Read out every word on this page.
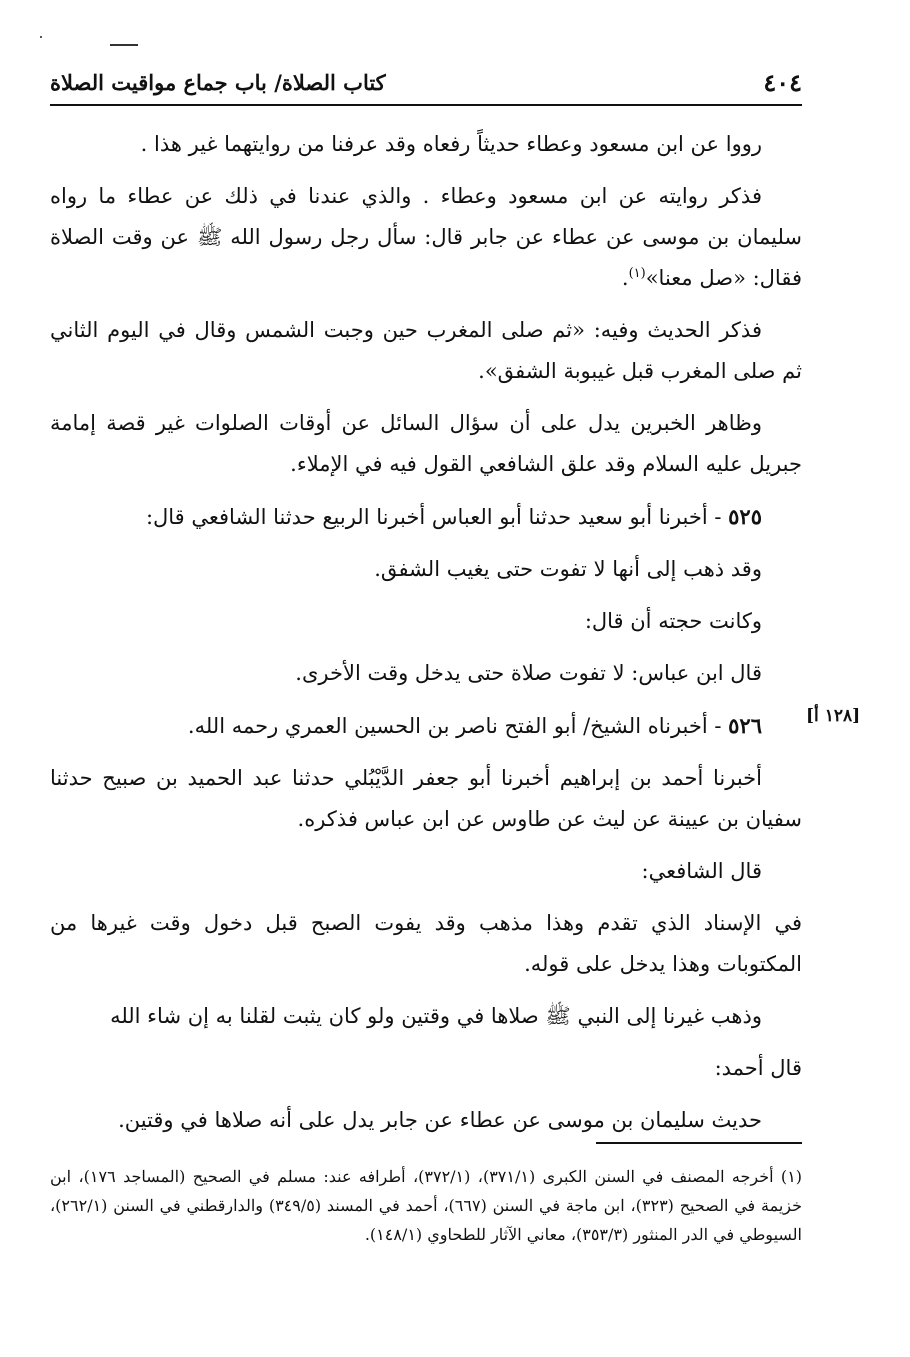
٤٠٤
كتاب الصلاة/ باب جماع مواقيت الصلاة
[١٢٨ أ]

رووا عن ابن مسعود وعطاء حديثاً رفعاه وقد عرفنا من روايتهما غير هذا .

فذكر روايته عن ابن مسعود وعطاء . والذي عندنا في ذلك عن عطاء ما رواه سليمان بن موسى عن عطاء عن جابر قال: سأل رجل رسول الله ﷺ عن وقت الصلاة فقال: «صل معنا»$^{(١)}$.

فذكر الحديث وفيه: «ثم صلى المغرب حين وجبت الشمس وقال في اليوم الثاني ثم صلى المغرب قبل غيبوبة الشفق».

وظاهر الخبرين يدل على أن سؤال السائل عن أوقات الصلوات غير قصة إمامة جبريل عليه السلام وقد علق الشافعي القول فيه في الإملاء.

٥٢٥ - أخبرنا أبو سعيد حدثنا أبو العباس أخبرنا الربيع حدثنا الشافعي قال:

وقد ذهب إلى أنها لا تفوت حتى يغيب الشفق.

وكانت حجته أن قال:

قال ابن عباس: لا تفوت صلاة حتى يدخل وقت الأخرى.

٥٢٦ - أخبرناه الشيخ/ أبو الفتح ناصر بن الحسين العمري رحمه الله.

أخبرنا أحمد بن إبراهيم أخبرنا أبو جعفر الدَّيْبُلي حدثنا عبد الحميد بن صبيح حدثنا سفيان بن عيينة عن ليث عن طاوس عن ابن عباس فذكره.

قال الشافعي:

في الإسناد الذي تقدم وهذا مذهب وقد يفوت الصبح قبل دخول وقت غيرها من المكتوبات وهذا يدخل على قوله.

وذهب غيرنا إلى النبي ﷺ صلاها في وقتين ولو كان يثبت لقلنا به إن شاء الله

قال أحمد:

حديث سليمان بن موسى عن عطاء عن جابر يدل على أنه صلاها في وقتين.

(١) أخرجه المصنف في السنن الكبرى (٣٧١/١)، (٣٧٢/١)، أطرافه عند: مسلم في الصحيح (المساجد ١٧٦)، ابن خزيمة في الصحيح (٣٢٣)، ابن ماجة في السنن (٦٦٧)، أحمد في المسند (٣٤٩/٥) والدارقطني في السنن (٢٦٢/١)، السيوطي في الدر المنثور (٣٥٣/٣)، معاني الآثار للطحاوي (١٤٨/١).
